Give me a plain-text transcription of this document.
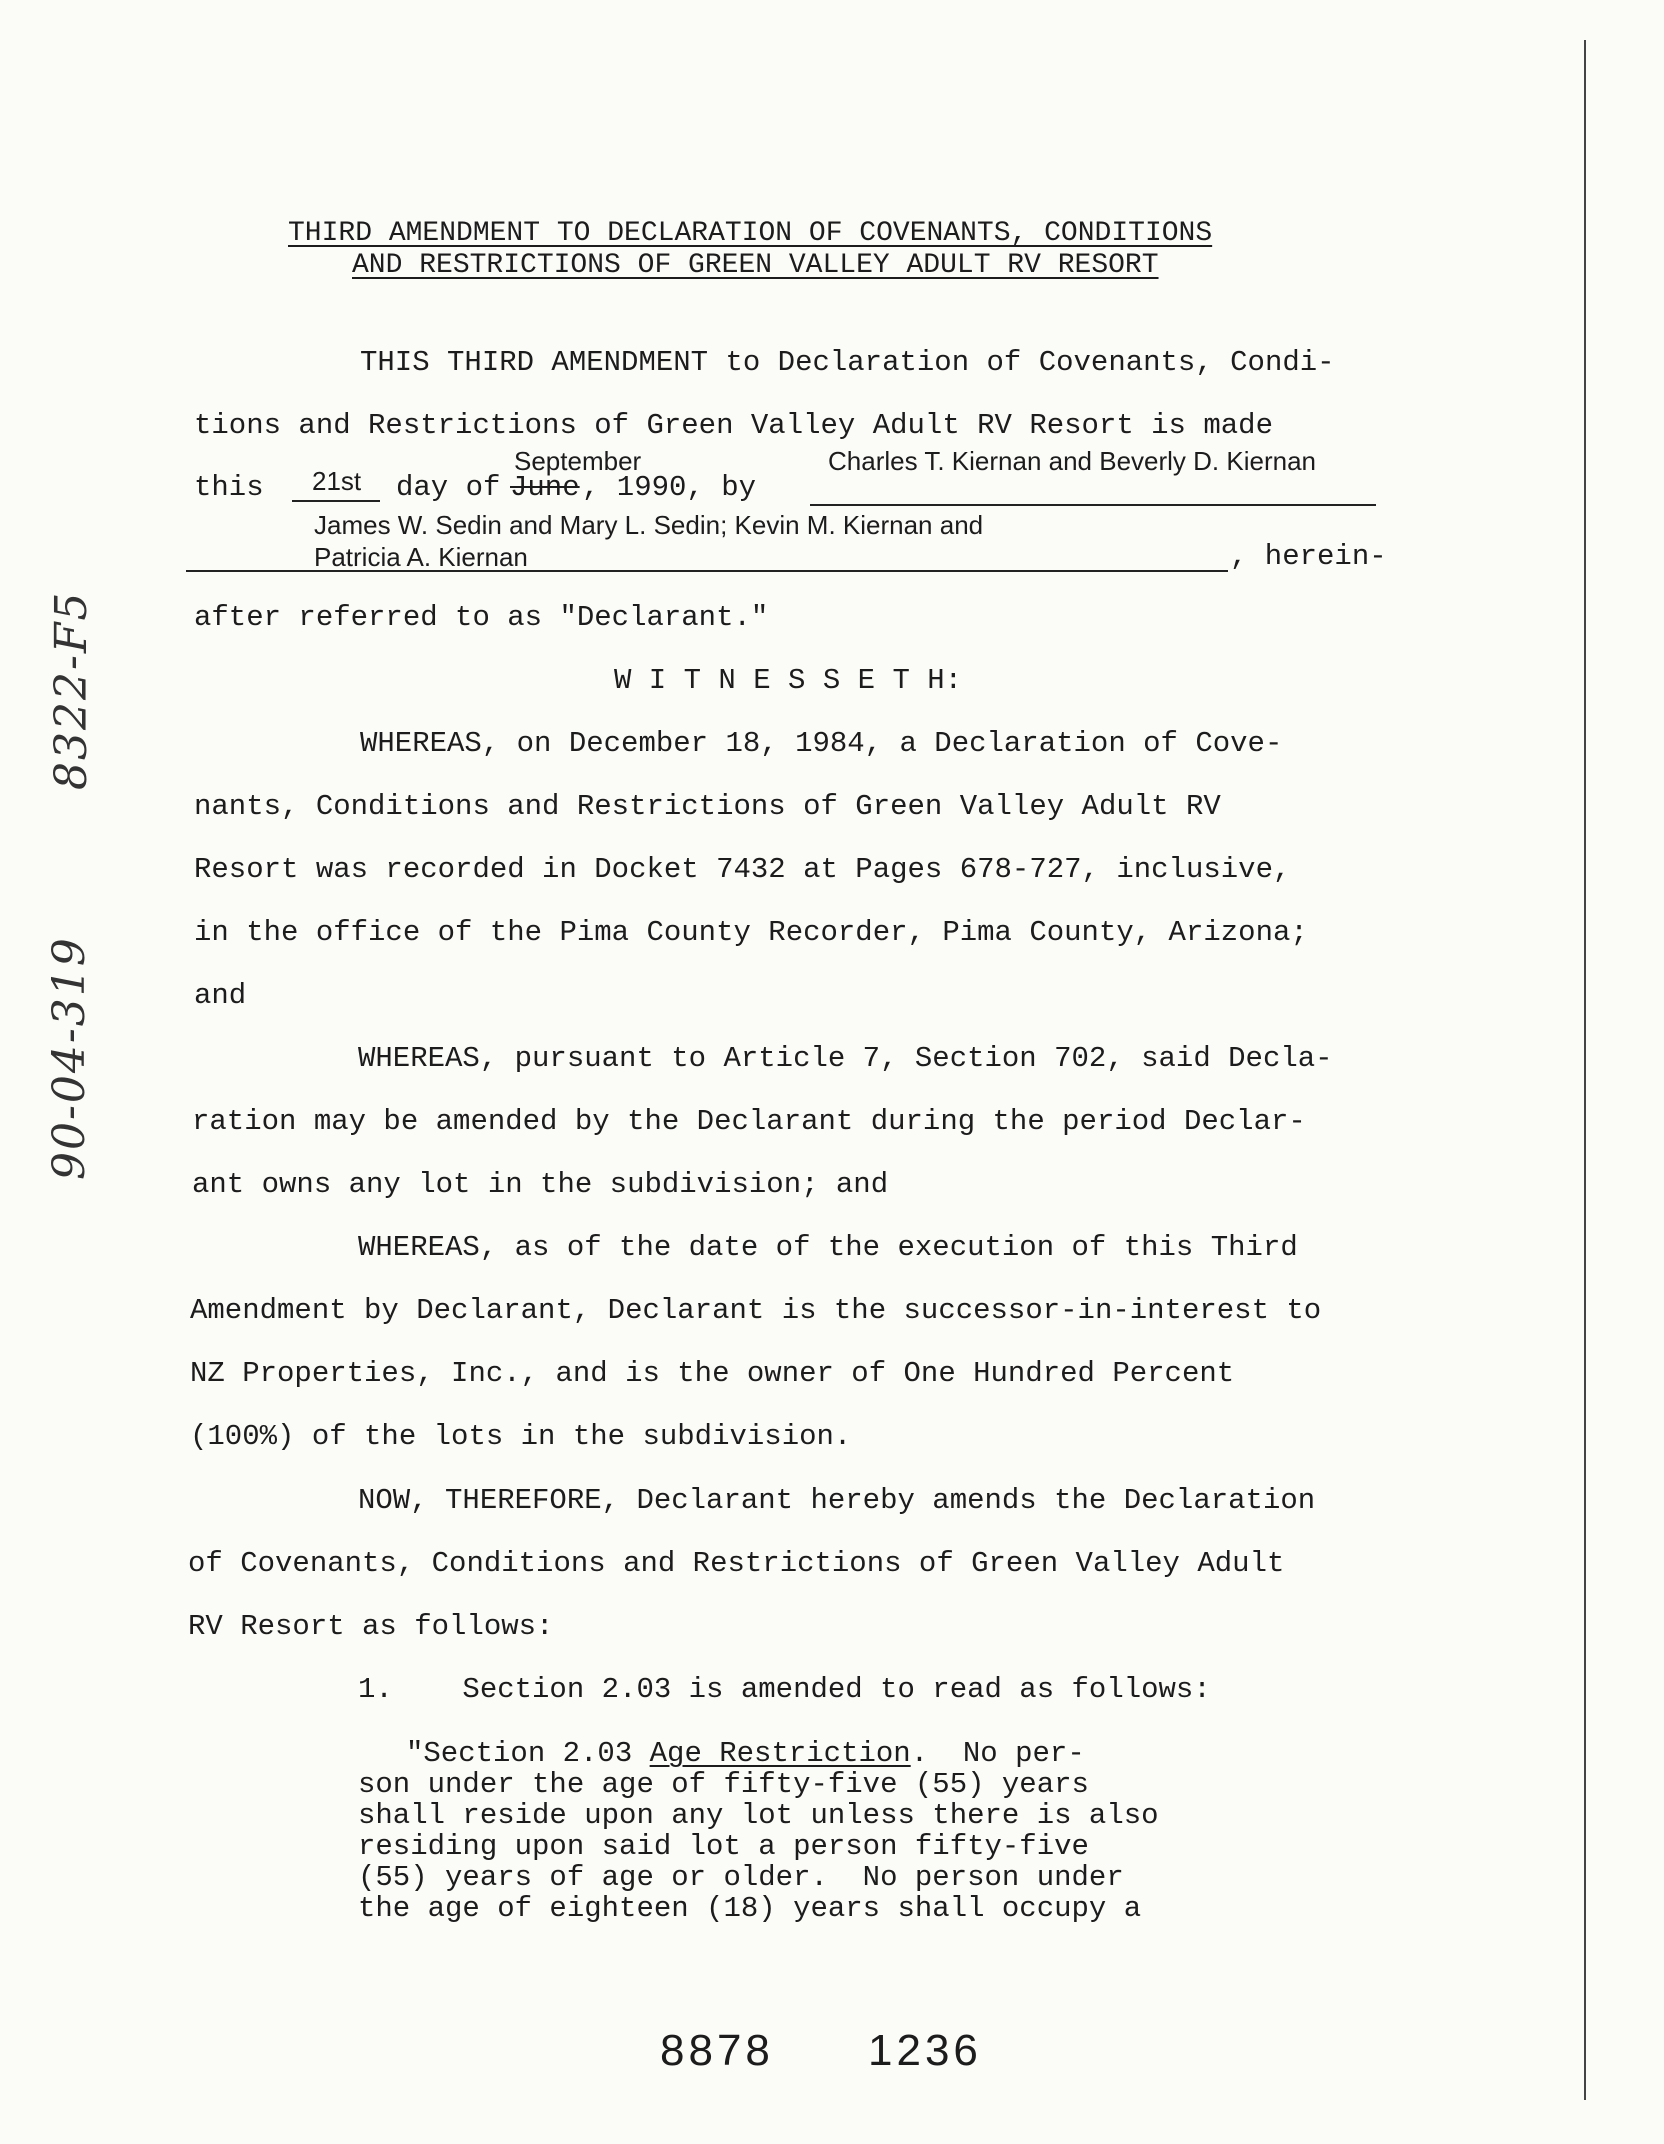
90-04-319
8322-F5
THIRD AMENDMENT TO DECLARATION OF COVENANTS, CONDITIONS
AND RESTRICTIONS OF GREEN VALLEY ADULT RV RESORT
THIS THIRD AMENDMENT to Declaration of Covenants, Condi-
tions and Restrictions of Green Valley Adult RV Resort is made
September	Charles T. Kiernan and Beverly D. Kiernan
this 21st day of June , 1990, by
James W. Sedin and Mary L. Sedin; Kevin M. Kiernan and
Patricia A. Kiernan	, herein-
after referred to as "Declarant."
W I T N E S S E T H:
WHEREAS, on December 18, 1984, a Declaration of Cove-
nants, Conditions and Restrictions of Green Valley Adult RV
Resort was recorded in Docket 7432 at Pages 678-727, inclusive,
in the office of the Pima County Recorder, Pima County, Arizona;
and
WHEREAS, pursuant to Article 7, Section 702, said Decla-
ration may be amended by the Declarant during the period Declar-
ant owns any lot in the subdivision; and
WHEREAS, as of the date of the execution of this Third
Amendment by Declarant, Declarant is the successor-in-interest to
NZ Properties, Inc., and is the owner of One Hundred Percent
(100%) of the lots in the subdivision.
NOW, THEREFORE, Declarant hereby amends the Declaration
of Covenants, Conditions and Restrictions of Green Valley Adult
RV Resort as follows:
1.    Section 2.03 is amended to read as follows:
"Section 2.03 Age Restriction.  No per-
son under the age of fifty-five (55) years
shall reside upon any lot unless there is also
residing upon said lot a person fifty-five
(55) years of age or older.  No person under
the age of eighteen (18) years shall occupy a
8878 1236
